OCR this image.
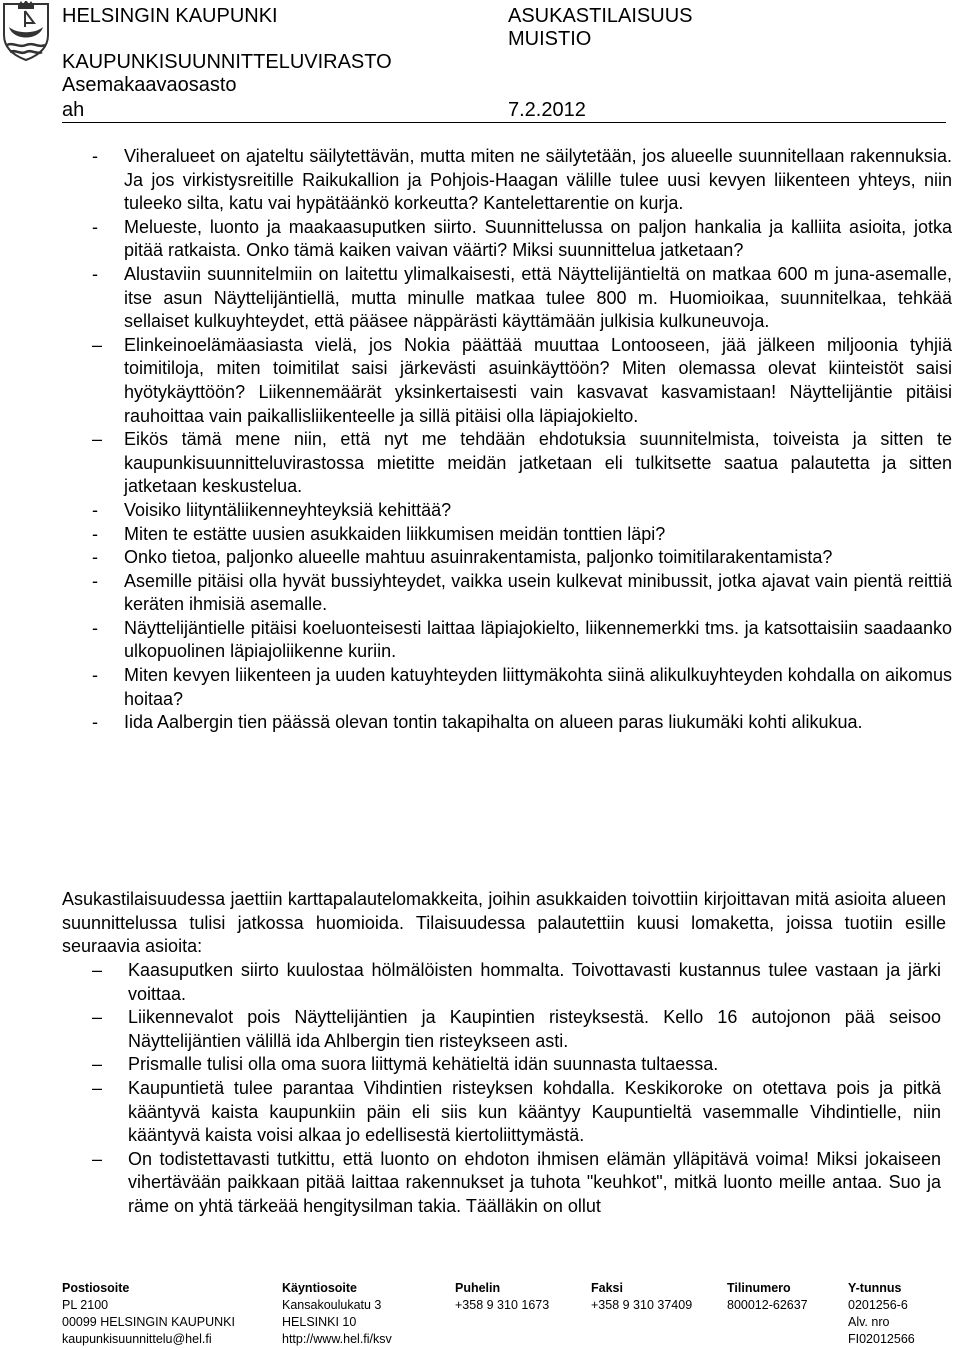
HELSINGIN KAUPUNKI	ASUKASTILAISUUS
MUISTIO
KAUPUNKISUUNNITTELUVIRASTO
Asemakaavaosasto
ah	7.2.2012
-	Viheralueet on ajateltu säilytettävän, mutta miten ne säilytetään, jos alueelle suunnitellaan rakennuksia. Ja jos virkistysreitille Raikukallion ja Pohjois-Haagan välille tulee uusi kevyen liikenteen yhteys, niin tuleeko silta, katu vai hypätäänkö korkeutta? Kantelettarentie on kurja.
-	Melueste, luonto ja maakaasuputken siirto. Suunnittelussa on paljon hankalia ja kalliita asioita, jotka pitää ratkaista. Onko tämä kaiken vaivan väärti? Miksi suunnittelua jatketaan?
-	Alustaviin suunnitelmiin on laitettu ylimalkaisesti, että Näyttelijäntieltä on matkaa 600 m juna-asemalle, itse asun Näyttelijäntiellä, mutta minulle matkaa tulee 800 m. Huomioikaa, suunnitelkaa, tehkää sellaiset kulkuyhteydet, että pääsee näppärästi käyttämään julkisia kulkuneuvoja.
–	Elinkeinoelämäasiasta vielä, jos Nokia päättää muuttaa Lontooseen, jää jälkeen miljoonia tyhjiä toimitiloja, miten toimitilat saisi järkevästi asuinkäyttöön? Miten olemassa olevat kiinteistöt saisi hyötykäyttöön? Liikennemäärät yksinkertaisesti vain kasvavat kasvamistaan! Näyttelijäntie pitäisi rauhoittaa vain paikallisliikenteelle ja sillä pitäisi olla läpiajokielto.
–	Eikös tämä mene niin, että nyt me tehdään ehdotuksia suunnitelmista, toiveista ja sitten te kaupunkisuunnitteluvirastossa mietitte meidän jatketaan eli tulkitsette saatua palautetta ja sitten jatketaan keskustelua.
-	Voisiko liityntäliikenneyhteyksiä kehittää?
-	Miten te estätte uusien asukkaiden liikkumisen meidän tonttien läpi?
-	Onko tietoa, paljonko alueelle mahtuu asuinrakentamista, paljonko toimitilarakentamista?
-	Asemille pitäisi olla hyvät bussiyhteydet, vaikka usein kulkevat minibussit, jotka ajavat vain pientä reittiä keräten ihmisiä asemalle.
-	Näyttelijäntielle pitäisi koeluonteisesti laittaa läpiajokielto, liikennemerkki tms. ja katsottaisiin saadaanko ulkopuolinen läpiajoliikenne kuriin.
-	Miten kevyen liikenteen ja uuden katuyhteyden liittymäkohta siinä alikulkuyhteyden kohdalla on aikomus hoitaa?
-	Iida Aalbergin tien päässä olevan tontin takapihalta on alueen paras liukumäki kohti alikukua.

Asukastilaisuudessa jaettiin karttapalautelomakkeita, joihin asukkaiden toivottiin kirjoittavan mitä asioita alueen suunnittelussa tulisi jatkossa huomioida. Tilaisuudessa palautettiin kuusi lomaketta, joissa tuotiin esille seuraavia asioita:

–	Kaasuputken siirto kuulostaa hölmälöisten hommalta. Toivottavasti kustannus tulee vastaan ja järki voittaa.
–	Liikennevalot pois Näyttelijäntien ja Kaupintien risteyksestä. Kello 16 autojonon pää seisoo Näyttelijäntien välillä ida Ahlbergin tien risteykseen asti.
–	Prismalle tulisi olla oma suora liittymä kehätieltä idän suunnasta tultaessa.
–	Kaupuntietä tulee parantaa Vihdintien risteyksen kohdalla. Keskikoroke on otettava pois ja pitkä kääntyvä kaista kaupunkiin päin eli siis kun kääntyy Kaupuntieltä vasemmalle Vihdintielle, niin kääntyvä kaista voisi alkaa jo edellisestä kiertoliittymästä.
–	On todistettavasti tutkittu, että luonto on ehdoton ihmisen elämän ylläpitävä voima! Miksi jokaiseen vihertävään paikkaan pitää laittaa rakennukset ja tuhota "keuhkot", mitkä luonto meille antaa. Suo ja räme on yhtä tärkeää hengitysilman takia. Täälläkin on ollut
Postiosoite
PL 2100
00099 HELSINGIN KAUPUNKI
kaupunkisuunnittelu@hel.fi
Käyntiosoite
Kansakoulukatu 3
HELSINKI 10
http://www.hel.fi/ksv
Puhelin
+358 9 310 1673
Faksi
+358 9 310 37409
Tilinumero
800012-62637
Y-tunnus
0201256-6
Alv. nro
FI02012566
